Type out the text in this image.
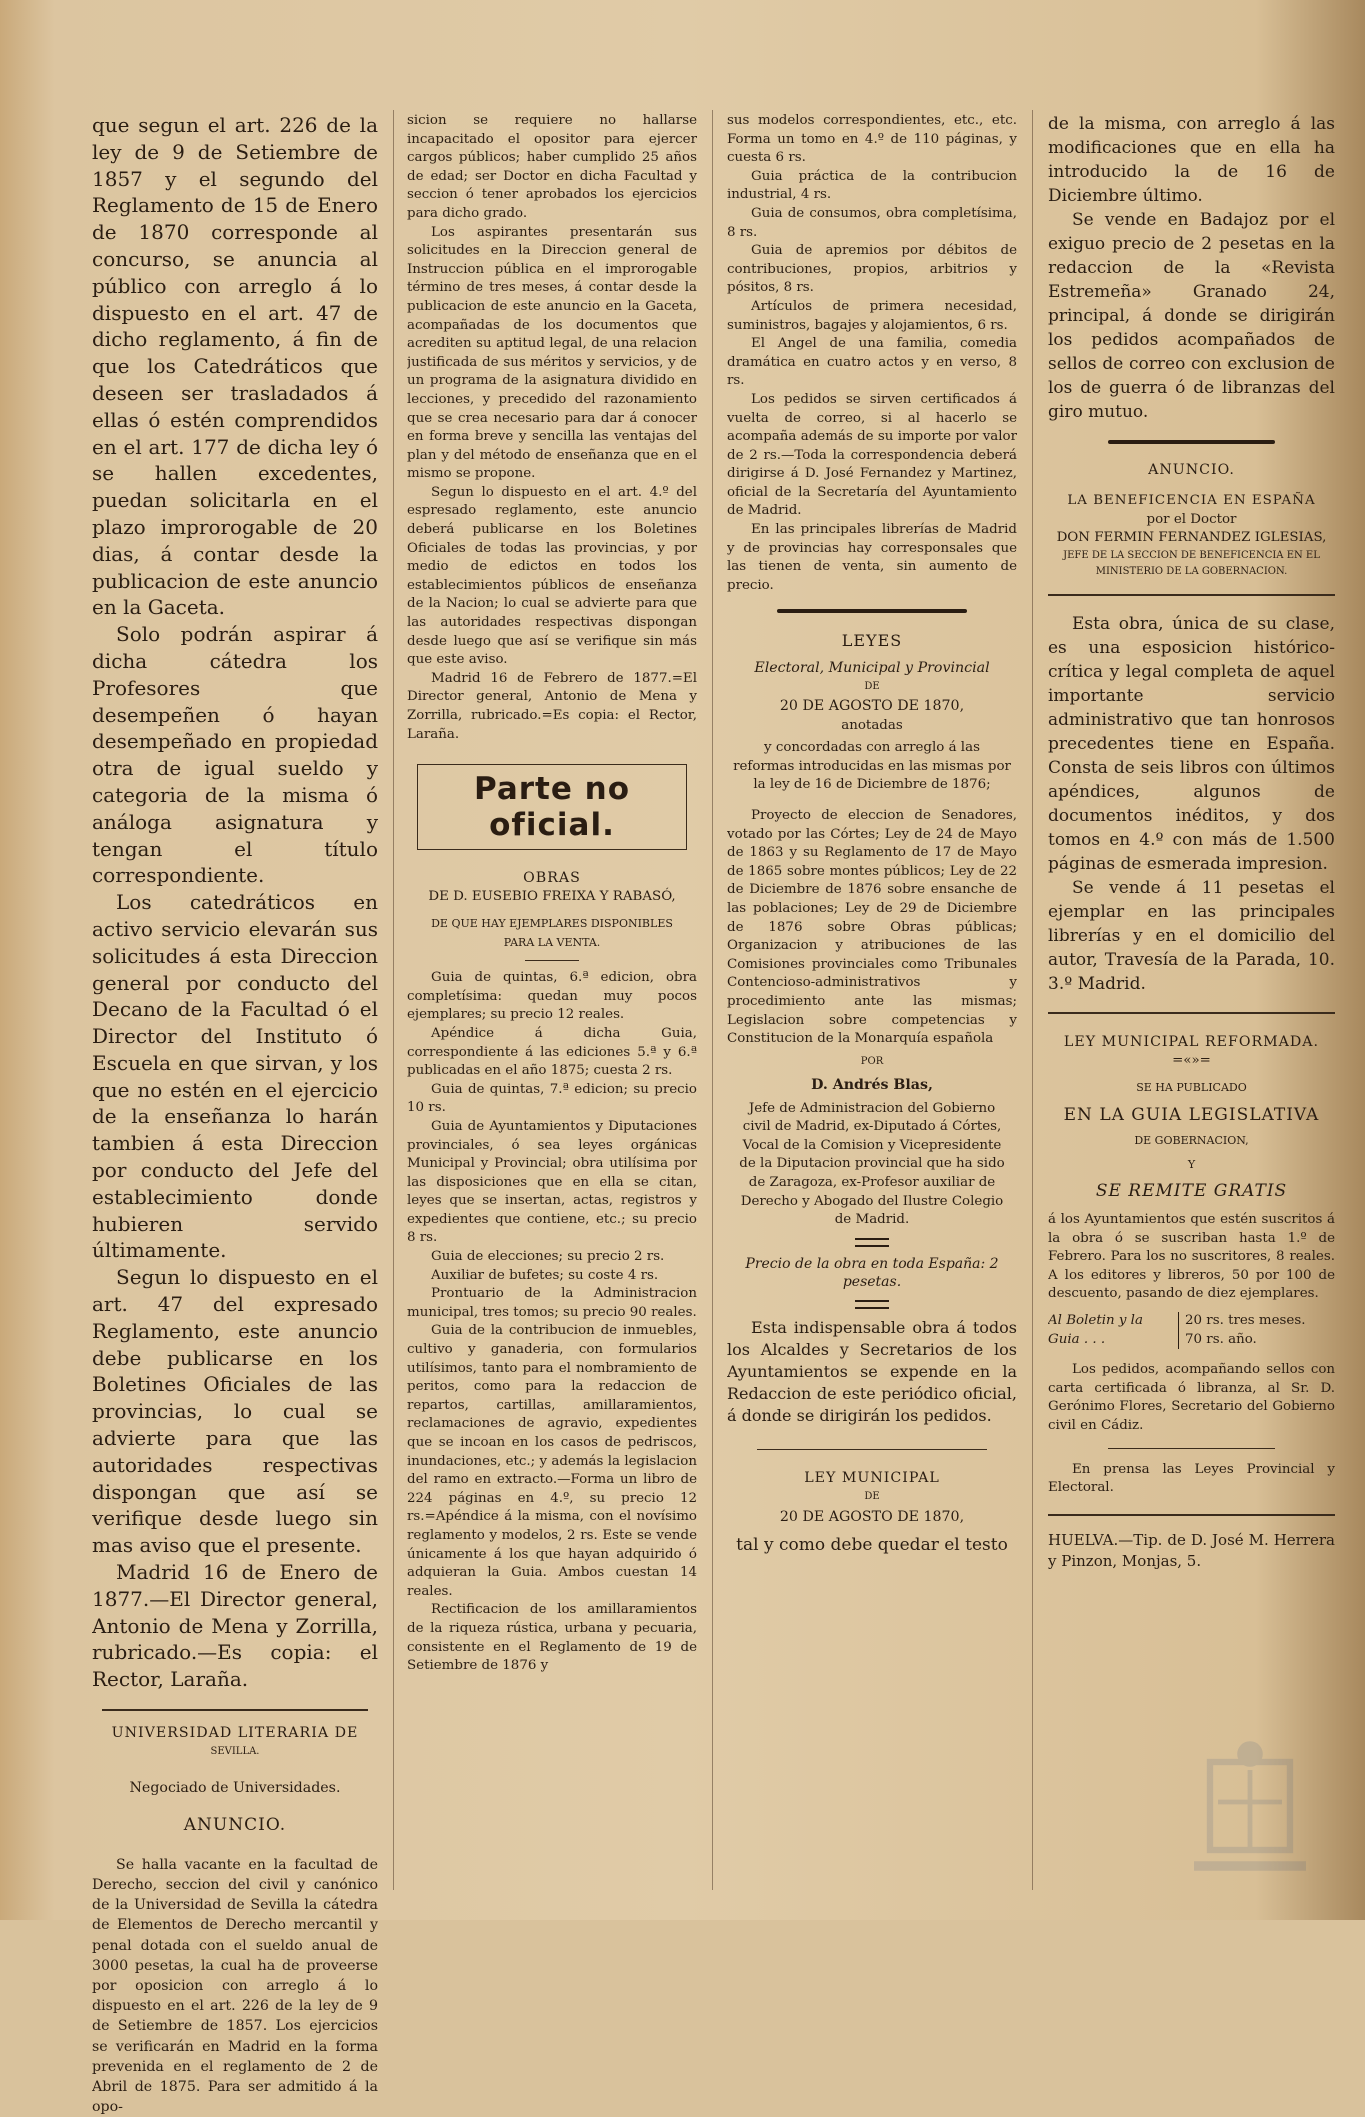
que segun el art. 226 de la ley de 9 de Setiembre de 1857 y el segundo del Reglamento de 15 de Enero de 1870 corresponde al concurso, se anuncia al público con arreglo á lo dispuesto en el art. 47 de dicho reglamento, á fin de que los Catedráticos que deseen ser trasladados á ellas ó estén comprendidos en el art. 177 de dicha ley ó se hallen excedentes, puedan solicitarla en el plazo improrogable de 20 dias, á contar desde la publicacion de este anuncio en la Gaceta.

Solo podrán aspirar á dicha cátedra los Profesores que desempeñen ó hayan desempeñado en propiedad otra de igual sueldo y categoria de la misma ó análoga asignatura y tengan el título correspondiente.

Los catedráticos en activo servicio elevarán sus solicitudes á esta Direccion general por conducto del Decano de la Facultad ó el Director del Instituto ó Escuela en que sirvan, y los que no estén en el ejercicio de la enseñanza lo harán tambien á esta Direccion por conducto del Jefe del establecimiento donde hubieren servido últimamente.

Segun lo dispuesto en el art. 47 del expresado Reglamento, este anuncio debe publicarse en los Boletines Oficiales de las provincias, lo cual se advierte para que las autoridades respectivas dispongan que así se verifique desde luego sin mas aviso que el presente.

Madrid 16 de Enero de 1877.—El Director general, Antonio de Mena y Zorrilla, rubricado.—Es copia: el Rector, Laraña.

UNIVERSIDAD LITERARIA DE

SEVILLA.

Negociado de Universidades.

ANUNCIO.

Se halla vacante en la facultad de Derecho, seccion del civil y canónico de la Universidad de Sevilla la cátedra de Elementos de Derecho mercantil y penal dotada con el sueldo anual de 3000 pesetas, la cual ha de proveerse por oposicion con arreglo á lo dispuesto en el art. 226 de la ley de 9 de Setiembre de 1857. Los ejercicios se verificarán en Madrid en la forma prevenida en el reglamento de 2 de Abril de 1875. Para ser admitido á la opo-

sicion se requiere no hallarse incapacitado el opositor para ejercer cargos públicos; haber cumplido 25 años de edad; ser Doctor en dicha Facultad y seccion ó tener aprobados los ejercicios para dicho grado.

Los aspirantes presentarán sus solicitudes en la Direccion general de Instruccion pública en el improrogable término de tres meses, á contar desde la publicacion de este anuncio en la Gaceta, acompañadas de los documentos que acrediten su aptitud legal, de una relacion justificada de sus méritos y servicios, y de un programa de la asignatura dividido en lecciones, y precedido del razonamiento que se crea necesario para dar á conocer en forma breve y sencilla las ventajas del plan y del método de enseñanza que en el mismo se propone.

Segun lo dispuesto en el art. 4.º del espresado reglamento, este anuncio deberá publicarse en los Boletines Oficiales de todas las provincias, y por medio de edictos en todos los establecimientos públicos de enseñanza de la Nacion; lo cual se advierte para que las autoridades respectivas dispongan desde luego que así se verifique sin más que este aviso.

Madrid 16 de Febrero de 1877.=El Director general, Antonio de Mena y Zorrilla, rubricado.=Es copia: el Rector, Laraña.

Parte no oficial.

OBRAS

DE D. EUSEBIO FREIXA Y RABASÓ,

DE QUE HAY EJEMPLARES DISPONIBLES PARA LA VENTA.

Guia de quintas, 6.ª edicion, obra completísima: quedan muy pocos ejemplares; su precio 12 reales.

Apéndice á dicha Guia, correspondiente á las ediciones 5.ª y 6.ª publicadas en el año 1875; cuesta 2 rs.

Guia de quintas, 7.ª edicion; su precio 10 rs.

Guia de Ayuntamientos y Diputaciones provinciales, ó sea leyes orgánicas Municipal y Provincial; obra utilísima por las disposiciones que en ella se citan, leyes que se insertan, actas, registros y expedientes que contiene, etc.; su precio 8 rs.

Guia de elecciones; su precio 2 rs.

Auxiliar de bufetes; su coste 4 rs.

Prontuario de la Administracion municipal, tres tomos; su precio 90 reales.

Guia de la contribucion de inmuebles, cultivo y ganaderia, con formularios utilísimos, tanto para el nombramiento de peritos, como para la redaccion de repartos, cartillas, amillaramientos, reclamaciones de agravio, expedientes que se incoan en los casos de pedriscos, inundaciones, etc.; y además la legislacion del ramo en extracto.—Forma un libro de 224 páginas en 4.º, su precio 12 rs.=Apéndice á la misma, con el novísimo reglamento y modelos, 2 rs. Este se vende únicamente á los que hayan adquirido ó adquieran la Guia. Ambos cuestan 14 reales.

Rectificacion de los amillaramientos de la riqueza rústica, urbana y pecuaria, consistente en el Reglamento de 19 de Setiembre de 1876 y

sus modelos correspondientes, etc., etc. Forma un tomo en 4.º de 110 páginas, y cuesta 6 rs.

Guia práctica de la contribucion industrial, 4 rs.

Guia de consumos, obra completísima, 8 rs.

Guia de apremios por débitos de contribuciones, propios, arbitrios y pósitos, 8 rs.

Artículos de primera necesidad, suministros, bagajes y alojamientos, 6 rs.

El Angel de una familia, comedia dramática en cuatro actos y en verso, 8 rs.

Los pedidos se sirven certificados á vuelta de correo, si al hacerlo se acompaña además de su importe por valor de 2 rs.—Toda la correspondencia deberá dirigirse á D. José Fernandez y Martinez, oficial de la Secretaría del Ayuntamiento de Madrid.

En las principales librerías de Madrid y de provincias hay corresponsales que las tienen de venta, sin aumento de precio.

LEYES

Electoral, Municipal y Provincial

DE

20 DE AGOSTO DE 1870,

anotadas

y concordadas con arreglo á las reformas introducidas en las mismas por la ley de 16 de Diciembre de 1876;

Proyecto de eleccion de Senadores, votado por las Córtes; Ley de 24 de Mayo de 1863 y su Reglamento de 17 de Mayo de 1865 sobre montes públicos; Ley de 22 de Diciembre de 1876 sobre ensanche de las poblaciones; Ley de 29 de Diciembre de 1876 sobre Obras públicas; Organizacion y atribuciones de las Comisiones provinciales como Tribunales Contencioso-administrativos y procedimiento ante las mismas; Legislacion sobre competencias y Constitucion de la Monarquía española

POR

D. Andrés Blas,

Jefe de Administracion del Gobierno civil de Madrid, ex-Diputado á Córtes, Vocal de la Comision y Vicepresidente de la Diputacion provincial que ha sido de Zaragoza, ex-Profesor auxiliar de Derecho y Abogado del Ilustre Colegio de Madrid.

Precio de la obra en toda España: 2 pesetas.

Esta indispensable obra á todos los Alcaldes y Secretarios de los Ayuntamientos se expende en la Redaccion de este periódico oficial, á donde se dirigirán los pedidos.

LEY MUNICIPAL

DE

20 DE AGOSTO DE 1870,

tal y como debe quedar el testo

de la misma, con arreglo á las modificaciones que en ella ha introducido la de 16 de Diciembre último.

Se vende en Badajoz por el exiguo precio de 2 pesetas en la redaccion de la «Revista Estremeña» Granado 24, principal, á donde se dirigirán los pedidos acompañados de sellos de correo con exclusion de los de guerra ó de libranzas del giro mutuo.

ANUNCIO.

LA BENEFICENCIA EN ESPAÑA

por el Doctor

DON FERMIN FERNANDEZ IGLESIAS,

JEFE DE LA SECCION DE BENEFICENCIA EN EL MINISTERIO DE LA GOBERNACION.

Esta obra, única de su clase, es una esposicion histórico-crítica y legal completa de aquel importante servicio administrativo que tan honrosos precedentes tiene en España. Consta de seis libros con últimos apéndices, algunos de documentos inéditos, y dos tomos en 4.º con más de 1.500 páginas de esmerada impresion.

Se vende á 11 pesetas el ejemplar en las principales librerías y en el domicilio del autor, Travesía de la Parada, 10. 3.º Madrid.

LEY MUNICIPAL REFORMADA.

=«»=

SE HA PUBLICADO

EN LA GUIA LEGISLATIVA

DE GOBERNACION,

Y

SE REMITE GRATIS

á los Ayuntamientos que estén suscritos á la obra ó se suscriban hasta 1.º de Febrero. Para los no suscritores, 8 reales. A los editores y libreros, 50 por 100 de descuento, pasando de diez ejemplares.

Al Boletin y la

Guia . . .

20 rs. tres meses.

70 rs. año.

Los pedidos, acompañando sellos con carta certificada ó libranza, al Sr. D. Gerónimo Flores, Secretario del Gobierno civil en Cádiz.

En prensa las Leyes Provincial y Electoral.

HUELVA.—Tip. de D. José M. Herrera y Pinzon, Monjas, 5.
